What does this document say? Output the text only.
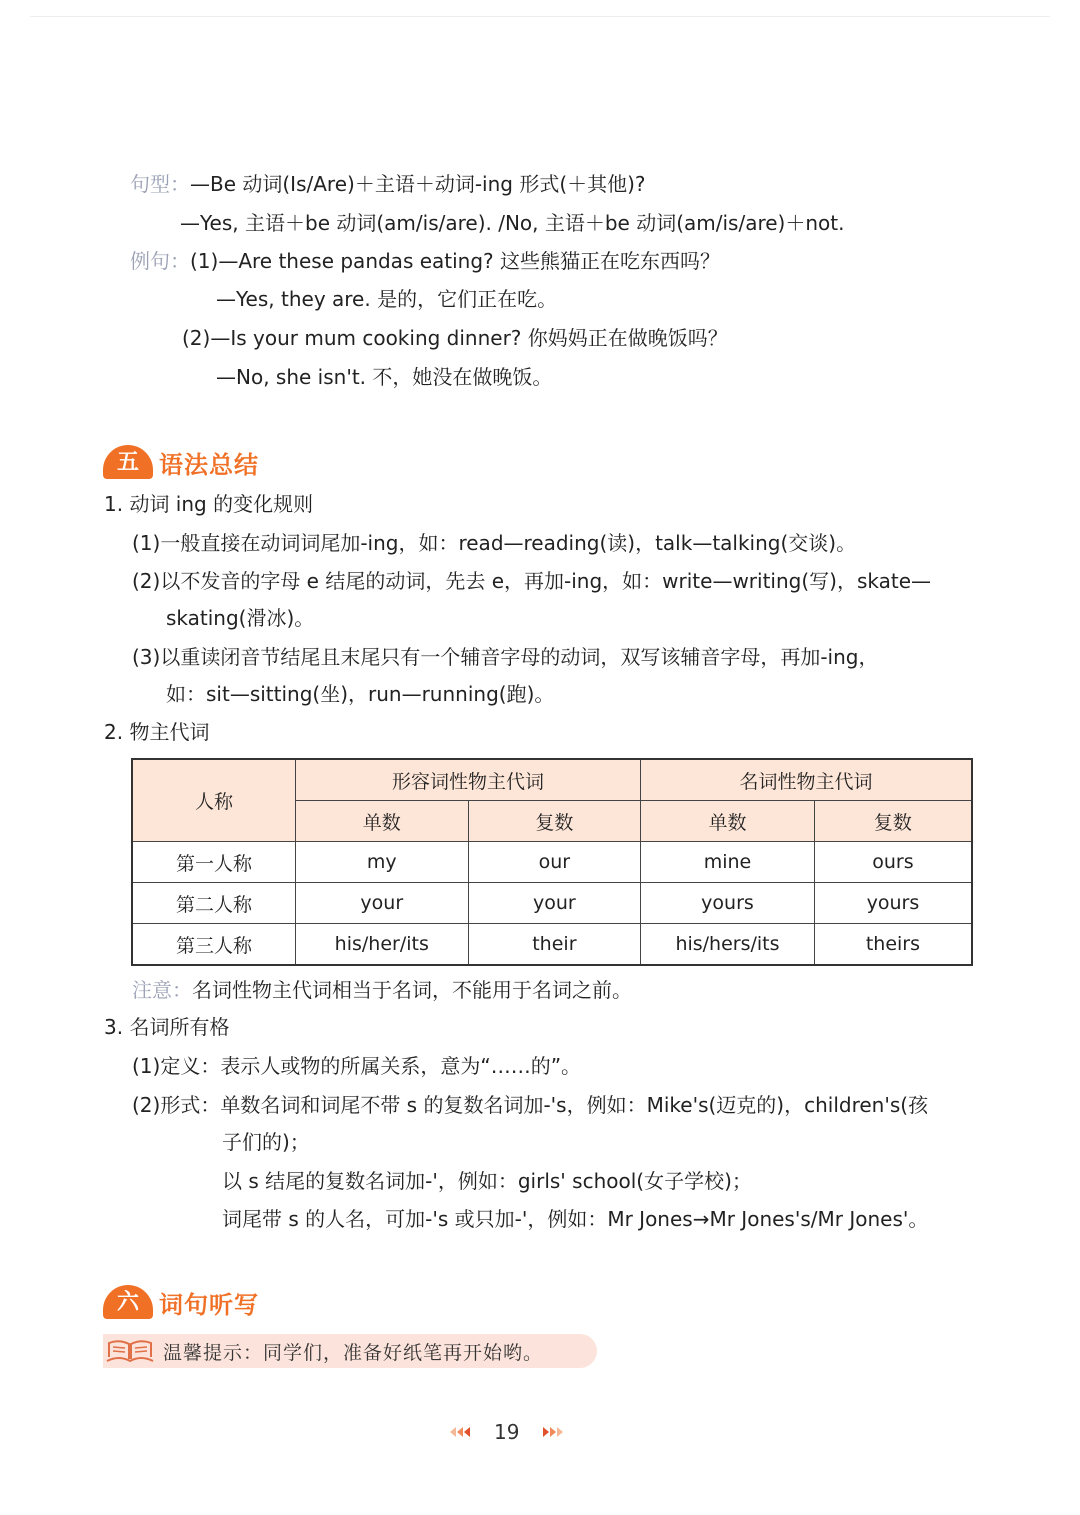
句型：—Be 动词(Is/Are)＋主语＋动词-ing 形式(＋其他)?
—Yes, 主语＋be 动词(am/is/are). /No, 主语＋be 动词(am/is/are)＋not.
例句：(1)—Are these pandas eating? 这些熊猫正在吃东西吗？
—Yes, they are. 是的，它们正在吃。
(2)—Is your mum cooking dinner? 你妈妈正在做晚饭吗？
—No, she isn't. 不，她没在做晚饭。
五 语法总结
1. 动词 ing 的变化规则
(1)一般直接在动词词尾加-ing，如：read—reading(读)，talk—talking(交谈)。
(2)以不发音的字母 e 结尾的动词，先去 e，再加-ing，如：write—writing(写)，skate—
skating(滑冰)。
(3)以重读闭音节结尾且末尾只有一个辅音字母的动词，双写该辅音字母，再加-ing，
如：sit—sitting(坐)，run—running(跑)。
2. 物主代词
人称	形容词性物主代词		名词性物主代词	
	单数	复数	单数	复数
第一人称	my	our	mine	ours
第二人称	your	your	yours	yours
第三人称	his/her/its	their	his/hers/its	theirs
注意：名词性物主代词相当于名词，不能用于名词之前。
3. 名词所有格
(1)定义：表示人或物的所属关系，意为“……的”。
(2)形式：单数名词和词尾不带 s 的复数名词加-'s，例如：Mike's(迈克的)，children's(孩
子们的)；
以 s 结尾的复数名词加-'，例如：girls' school(女子学校)；
词尾带 s 的人名，可加-'s 或只加-'，例如：Mr Jones→Mr Jones's/Mr Jones'。
六 词句听写
温馨提示：同学们，准备好纸笔再开始哟。
19
